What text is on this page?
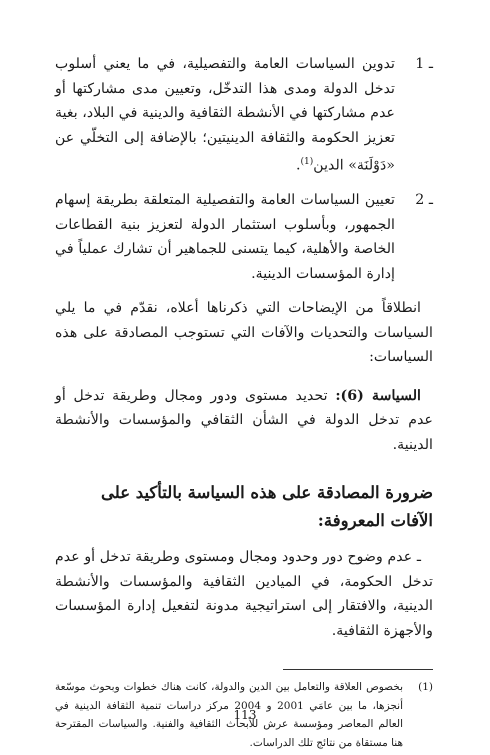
1 ـ
تدوين السياسات العامة والتفصيلية، في ما يعني أسلوب تدخل الدولة ومدى هذا التدخّل، وتعيين مدى مشاركتها أو عدم مشاركتها في الأنشطة الثقافية والدينية في البلاد، بغية تعزيز الحكومة والثقافة الدينيتين؛ بالإضافة إلى التخلّي عن «دَوْلَنَة» الدين$^{(1)}$.
2 ـ
تعيين السياسات العامة والتفصيلية المتعلقة بطريقة إسهام الجمهور، وبأسلوب استثمار الدولة لتعزيز بنية القطاعات الخاصة والأهلية، كيما يتسنى للجماهير أن تشارك عملياً في إدارة المؤسسات الدينية.

انطلاقاً من الإيضاحات التي ذكرناها أعلاه، نقدّم في ما يلي السياسات والتحديات والآفات التي تستوجب المصادقة على هذه السياسات:

السياسة (6): تحديد مستوى ودور ومجال وطريقة تدخل أو عدم تدخل الدولة في الشأن الثقافي والمؤسسات والأنشطة الدينية.

ضرورة المصادقة على هذه السياسة بالتأكيد على الآفات المعروفة:

ـ عدم وضوح دور وحدود ومجال ومستوى وطريقة تدخل أو عدم تدخل الحكومة، في الميادين الثقافية والمؤسسات والأنشطة الدينية، والافتقار إلى استراتيجية مدونة لتفعيل إدارة المؤسسات والأجهزة الثقافية.

(1)
بخصوص العلاقة والتعامل بين الدين والدولة، كانت هناك خطوات وبحوث موسّعة أنجزها، ما بين عامَي 2001 و 2004 مركز دراسات تنمية الثقافة الدينية في العالم المعاصر ومؤسسة عرش للأبحاث الثقافية والفنية. والسياسات المقترحة هنا مستقاة من نتائج تلك الدراسات.
113
